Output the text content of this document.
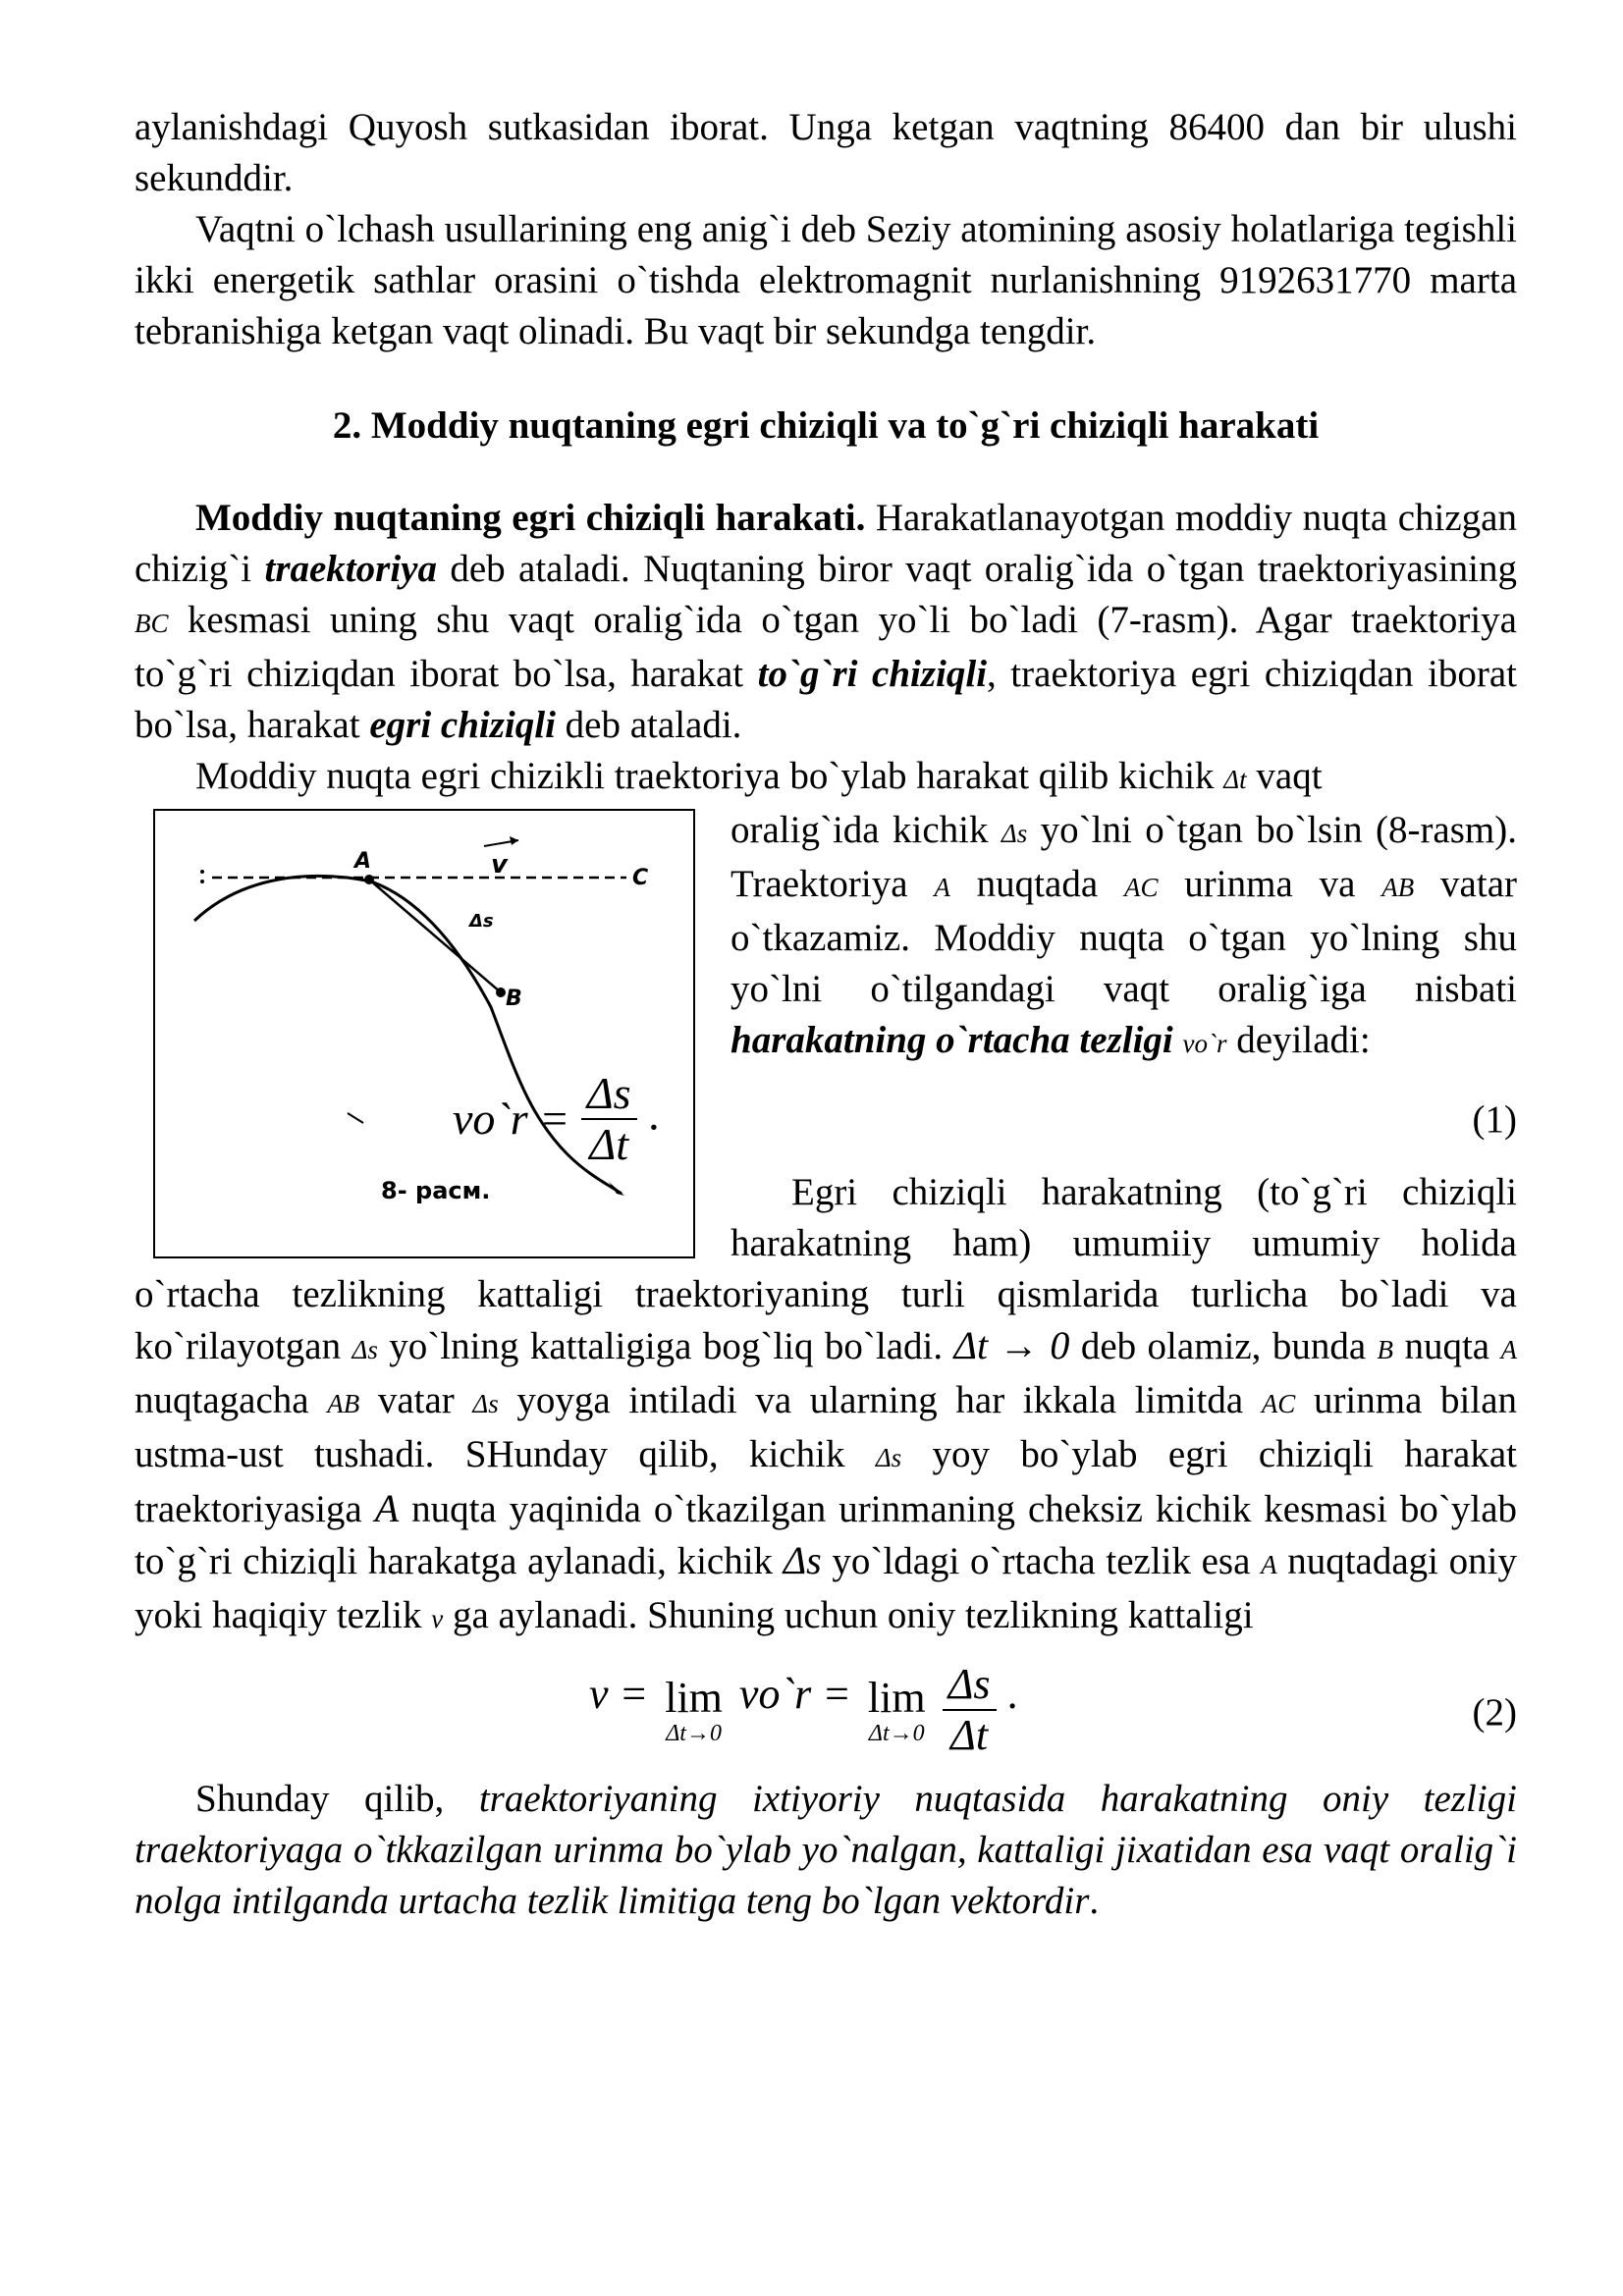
aylanishdagi Quyosh sutkasidan iborat. Unga ketgan vaqtning 86400 dan bir ulushi sekunddir.

Vaqtni o`lchash usullarining eng anig`i deb Seziy atomining asosiy holatlariga tegishli ikki energetik sathlar orasini o`tishda elektromagnit nurlanishning 9192631770 marta tebranishiga ketgan vaqt olinadi. Bu vaqt bir sekundga tengdir.

2. Moddiy nuqtaning egri chiziqli va to`g`ri chiziqli harakati

Moddiy nuqtaning egri chiziqli harakati. Harakatlanayotgan moddiy nuqta chizgan chizig`i traektoriya deb ataladi. Nuqtaning biror vaqt oralig`ida o`tgan traektoriyasining BC kesmasi uning shu vaqt oralig`ida o`tgan yo`li bo`ladi (7-rasm). Agar traektoriya to`g`ri chiziqdan iborat bo`lsa, harakat to`g`ri chiziqli, traektoriya egri chiziqdan iborat bo`lsa, harakat egri chiziqli deb ataladi.

Moddiy nuqta egri chizikli traektoriya bo`ylab harakat qilib kichik Δt vaqt

A
B
C
v
Δs
8- расм.

oralig`ida kichik Δs yo`lni o`tgan bo`lsin (8-rasm). Traektoriya A nuqtada AC urinma va AB vatar o`tkazamiz. Moddiy nuqta o`tgan yo`lning shu yo`lni o`tilgandagi vaqt oralig`iga nisbati harakatning o`rtacha tezligi vo`r deyiladi:

vo`r = $\frac{\Delta s}{\Delta t}$ .	(1)

Egri chiziqli harakatning (to`g`ri chiziqli harakatning ham) umumiiy umumiy holida o`rtacha tezlikning kattaligi traektoriyaning turli qismlarida turlicha bo`ladi va ko`rilayotgan Δs yo`lning kattaligiga bog`liq bo`ladi. Δt → 0 deb olamiz, bunda B nuqta A nuqtagacha AB vatar Δs yoyga intiladi va ularning har ikkala limitda AC urinma bilan ustma-ust tushadi. SHunday qilib, kichik Δs yoy bo`ylab egri chiziqli harakat traektoriyasiga A nuqta yaqinida o`tkazilgan urinmaning cheksiz kichik kesmasi bo`ylab to`g`ri chiziqli harakatga aylanadi, kichik Δs yo`ldagi o`rtacha tezlik esa A nuqtadagi oniy yoki haqiqiy tezlik v ga aylanadi. Shuning uchun oniy tezlikning kattaligi

v = lim
Δt→0
vo`r = lim
Δt→0
$\frac{\Delta s}{\Delta t}$ .	(2)

Shunday qilib, traektoriyaning ixtiyoriy nuqtasida harakatning oniy tezligi traektoriyaga o`tkkazilgan urinma bo`ylab yo`nalgan, kattaligi jixatidan esa vaqt oralig`i nolga intilganda urtacha tezlik limitiga teng bo`lgan vektordir.
